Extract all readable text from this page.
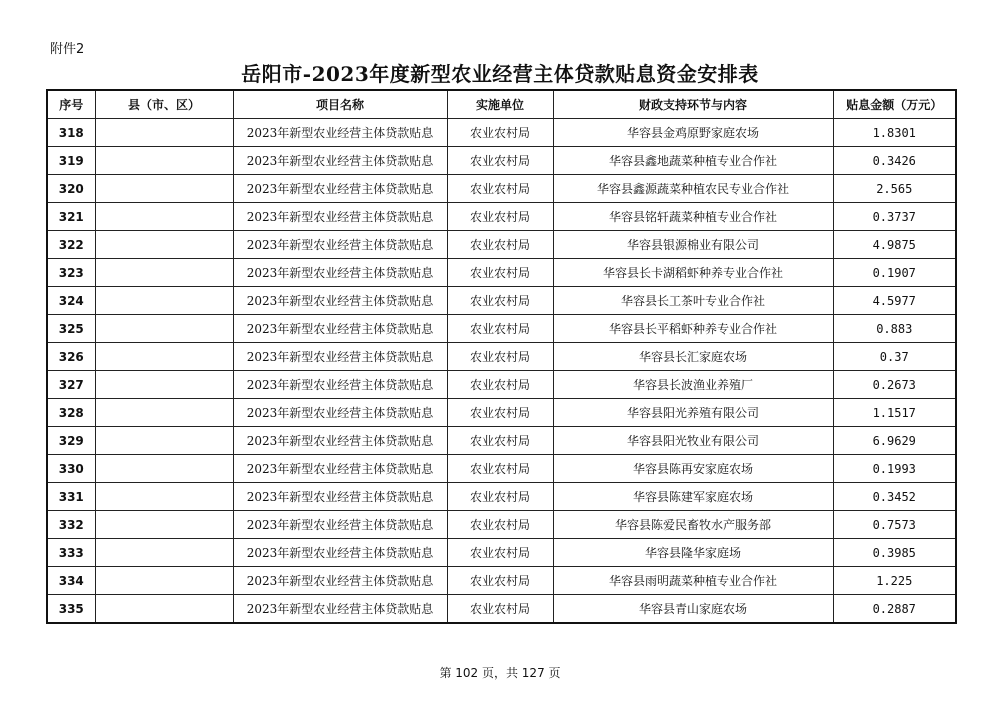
附件2
岳阳市-2023年度新型农业经营主体贷款贴息资金安排表
序号	县（市、区）	项目名称	实施单位	财政支持环节与内容	贴息金额（万元）
318		2023年新型农业经营主体贷款贴息	农业农村局	华容县金鸡原野家庭农场	1.8301
319		2023年新型农业经营主体贷款贴息	农业农村局	华容县鑫地蔬菜种植专业合作社	0.3426
320		2023年新型农业经营主体贷款贴息	农业农村局	华容县鑫源蔬菜种植农民专业合作社	2.565
321		2023年新型农业经营主体贷款贴息	农业农村局	华容县铭轩蔬菜种植专业合作社	0.3737
322		2023年新型农业经营主体贷款贴息	农业农村局	华容县银源棉业有限公司	4.9875
323		2023年新型农业经营主体贷款贴息	农业农村局	华容县长卡湖稻虾种养专业合作社	0.1907
324		2023年新型农业经营主体贷款贴息	农业农村局	华容县长工茶叶专业合作社	4.5977
325		2023年新型农业经营主体贷款贴息	农业农村局	华容县长平稻虾种养专业合作社	0.883
326		2023年新型农业经营主体贷款贴息	农业农村局	华容县长汇家庭农场	0.37
327		2023年新型农业经营主体贷款贴息	农业农村局	华容县长波渔业养殖厂	0.2673
328		2023年新型农业经营主体贷款贴息	农业农村局	华容县阳光养殖有限公司	1.1517
329		2023年新型农业经营主体贷款贴息	农业农村局	华容县阳光牧业有限公司	6.9629
330		2023年新型农业经营主体贷款贴息	农业农村局	华容县陈再安家庭农场	0.1993
331		2023年新型农业经营主体贷款贴息	农业农村局	华容县陈建军家庭农场	0.3452
332		2023年新型农业经营主体贷款贴息	农业农村局	华容县陈爱民畜牧水产服务部	0.7573
333		2023年新型农业经营主体贷款贴息	农业农村局	华容县隆华家庭场	0.3985
334		2023年新型农业经营主体贷款贴息	农业农村局	华容县雨明蔬菜种植专业合作社	1.225
335		2023年新型农业经营主体贷款贴息	农业农村局	华容县青山家庭农场	0.2887
第 102 页，共 127 页
